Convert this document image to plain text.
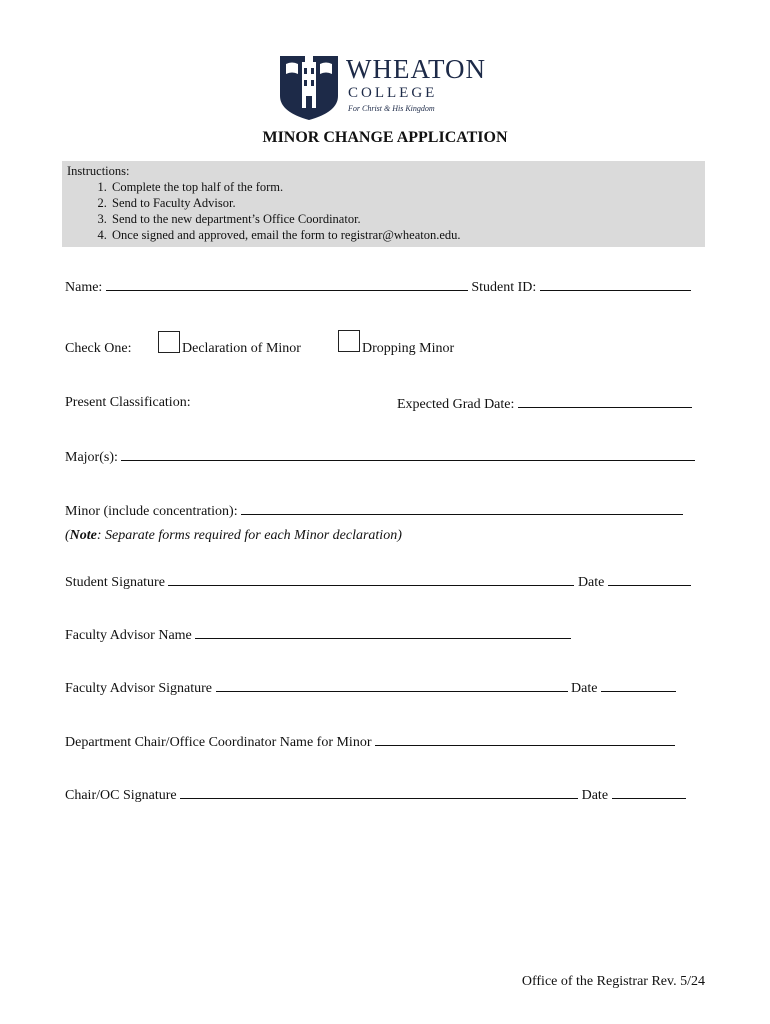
WHEATON
COLLEGE
For Christ & His Kingdom
MINOR CHANGE APPLICATION
Instructions:
1. Complete the top half of the form.
2. Send to Faculty Advisor.
3. Send to the new department’s Office Coordinator.
4. Once signed and approved, email the form to registrar@wheaton.edu.
Name:	Student ID:
Check One:	Declaration of Minor	Dropping Minor
Present Classification:	Expected Grad Date:
Major(s):
Minor (include concentration):
(Note: Separate forms required for each Minor declaration)
Student Signature	Date
Faculty Advisor Name
Faculty Advisor Signature	Date
Department Chair/Office Coordinator Name for Minor
Chair/OC Signature	Date
Office of the Registrar Rev. 5/24
